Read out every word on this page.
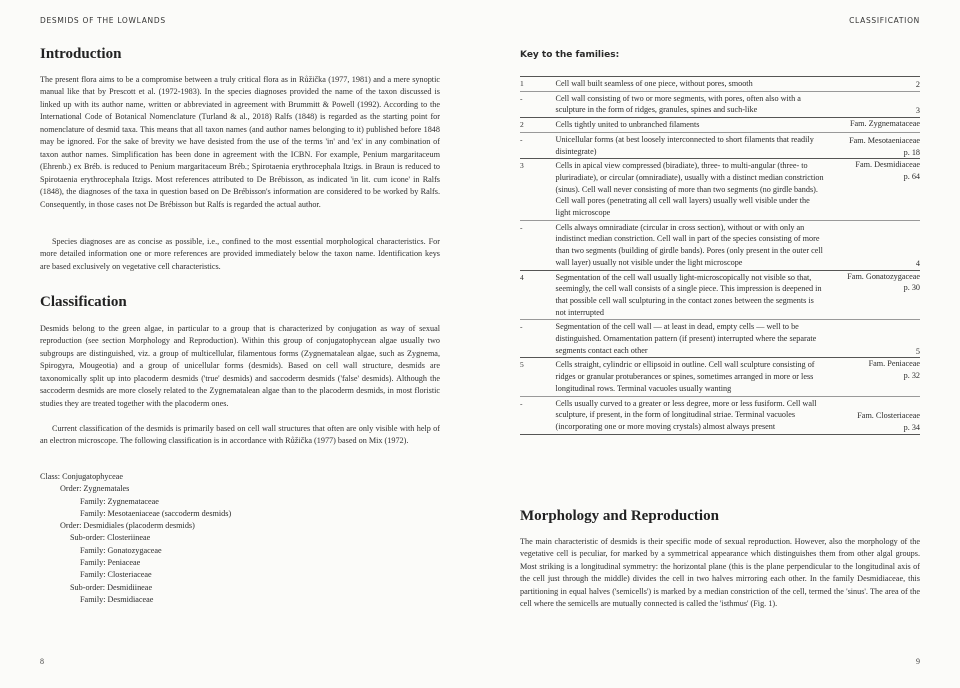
DESMIDS OF THE LOWLANDS
Introduction

The present flora aims to be a compromise between a truly critical flora as in Růžička (1977, 1981) and a mere synoptic manual like that by Prescott et al. (1972-1983). In the species diagnoses provided the name of the taxon discussed is linked up with its author name, written or abbreviated in agreement with Brummitt & Powell (1992). According to the International Code of Botanical Nomenclature (Turland & al., 2018) Ralfs (1848) is regarded as the starting point for nomenclature of desmid taxa. This means that all taxon names (and author names belonging to it) published before 1848 may be ignored. For the sake of brevity we have desisted from the use of the terms 'in' and 'ex' in any combination of taxon author names. Simplification has been done in agreement with the ICBN. For example, Penium margaritaceum (Ehrenb.) ex Bréb. is reduced to Penium margaritaceum Bréb.; Spirotaenia erythrocephala Itzigs. in Braun is reduced to Spirotaenia erythrocephala Itzigs. Most references attributed to De Brébisson, as indicated 'in lit. cum icone' in Ralfs (1848), the diagnoses of the taxa in question based on De Brébisson's information are considered to be worked by Ralfs. Consequently, in those cases not De Brébisson but Ralfs is regarded the actual author.

Species diagnoses are as concise as possible, i.e., confined to the most essential morphological characteristics. For more detailed information one or more references are provided immediately below the taxon name. Identification keys are based exclusively on vegetative cell characteristics.

Classification

Desmids belong to the green algae, in particular to a group that is characterized by conjugation as way of sexual reproduction (see section Morphology and Reproduction). Within this group of conjugatophycean algae usually two subgroups are distinguished, viz. a group of multicellular, filamentous forms (Zygnematalean algae, such as Zygnema, Spirogyra, Mougeotia) and a group of unicellular forms (desmids). Based on cell wall structure, desmids are taxonomically split up into placoderm desmids ('true' desmids) and saccoderm desmids ('false' desmids). Although the saccoderm desmids are more closely related to the Zygnematalean algae than to the placoderm desmids, in most floristic studies they are treated together with the placoderm ones.

Current classification of the desmids is primarily based on cell wall structures that often are only visible with help of an electron microscope. The following classification is in accordance with Růžička (1977) based on Mix (1972).

Class: Conjugatophyceae
Order: Zygnematales
Family: Zygnemataceae
Family: Mesotaeniaceae (saccoderm desmids)
Order: Desmidiales (placoderm desmids)
Sub-order: Closteriineae
Family: Gonatozygaceae
Family: Peniaceae
Family: Closteriaceae
Sub-order: Desmidiineae
Family: Desmidiaceae
8
CLASSIFICATION
Key to the families:
1	Cell wall built seamless of one piece, without pores, smooth	2

-	Cell wall consisting of two or more segments, with pores, often also with a sculpture in the form of ridges, granules, spines and such-like	3

2	Cells tightly united to unbranched filaments	Fam. Zygnemataceae

-	Unicellular forms (at best loosely interconnected to short filaments that readily disintegrate)	Fam. Mesotaeniaceae
p. 18

3	Cells in apical view compressed (biradiate), three- to multi-angular (three- to pluriradiate), or circular (omniradiate), usually with a distinct median constriction (sinus). Cell wall never consisting of more than two segments (no girdle bands). Cell wall pores (penetrating all cell wall layers) usually well visible under the light microscope	Fam. Desmidiaceae
p. 64

-	Cells always omniradiate (circular in cross section), without or with only an indistinct median constriction. Cell wall in part of the species consisting of more than two segments (building of girdle bands). Pores (only present in the outer cell wall layer) usually not visible under the light microscope	4

4	Segmentation of the cell wall usually light-microscopically not visible so that, seemingly, the cell wall consists of a single piece. This impression is deepened in that possible cell wall sculpturing in the contact zones between the segments is not interrupted	Fam. Gonatozygaceae
p. 30

-	Segmentation of the cell wall — at least in dead, empty cells — well to be distinguished. Ornamentation pattern (if present) interrupted where the separate segments contact each other	5

5	Cells straight, cylindric or ellipsoid in outline. Cell wall sculpture consisting of ridges or granular protuberances or spines, sometimes arranged in more or less longitudinal rows. Terminal vacuoles usually wanting	Fam. Peniaceae
p. 32

-	Cells usually curved to a greater or less degree, more or less fusiform. Cell wall sculpture, if present, in the form of longitudinal striae. Terminal vacuoles (incorporating one or more moving crystals) almost always present	Fam. Closteriaceae
p. 34
Morphology and Reproduction

The main characteristic of desmids is their specific mode of sexual reproduction. However, also the morphology of the vegetative cell is peculiar, for marked by a symmetrical appearance which distinguishes them from other algal groups. Most striking is a longitudinal symmetry: the horizontal plane (this is the plane perpendicular to the longitudinal axis of the cell just through the middle) divides the cell in two halves mirroring each other. In the family Desmidiaceae, this partitioning in equal halves ('semicells') is marked by a median constriction of the cell, termed the 'sinus'. The area of the cell where the semicells are mutually connected is called the 'isthmus' (Fig. 1).

9
